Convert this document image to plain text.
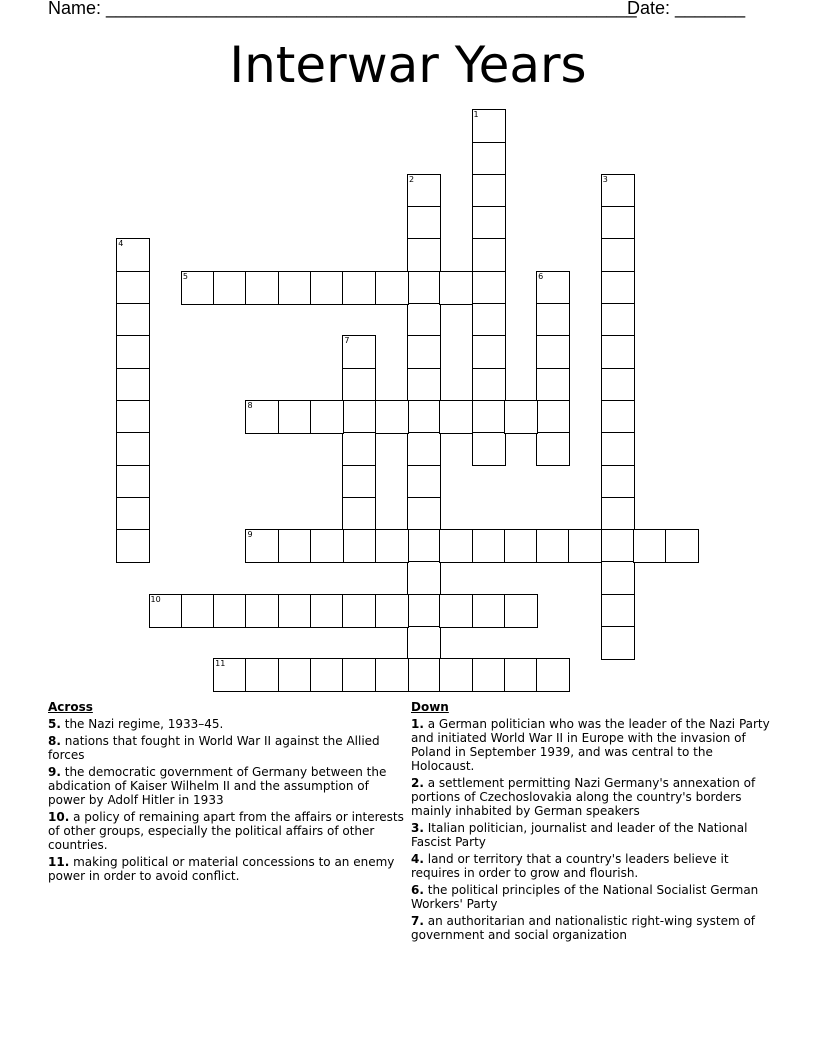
Name: _____________________________________________________
Date: _______
Interwar Years
1
2	3
4
5	6
7
8
9
10
11
Across
5. the Nazi regime, 1933–45.
8. nations that fought in World War II against the Allied forces
9. the democratic government of Germany between the abdication of Kaiser Wilhelm II and the assumption of power by Adolf Hitler in 1933
10. a policy of remaining apart from the affairs or interests of other groups, especially the political affairs of other countries.
11. making political or material concessions to an enemy power in order to avoid conflict.
Down
1. a German politician who was the leader of the Nazi Party and initiated World War II in Europe with the invasion of Poland in September 1939, and was central to the Holocaust.
2. a settlement permitting Nazi Germany's annexation of portions of Czechoslovakia along the country's borders mainly inhabited by German speakers
3. Italian politician, journalist and leader of the National Fascist Party
4. land or territory that a country's leaders believe it requires in order to grow and flourish.
6. the political principles of the National Socialist German Workers' Party
7. an authoritarian and nationalistic right-wing system of government and social organization
